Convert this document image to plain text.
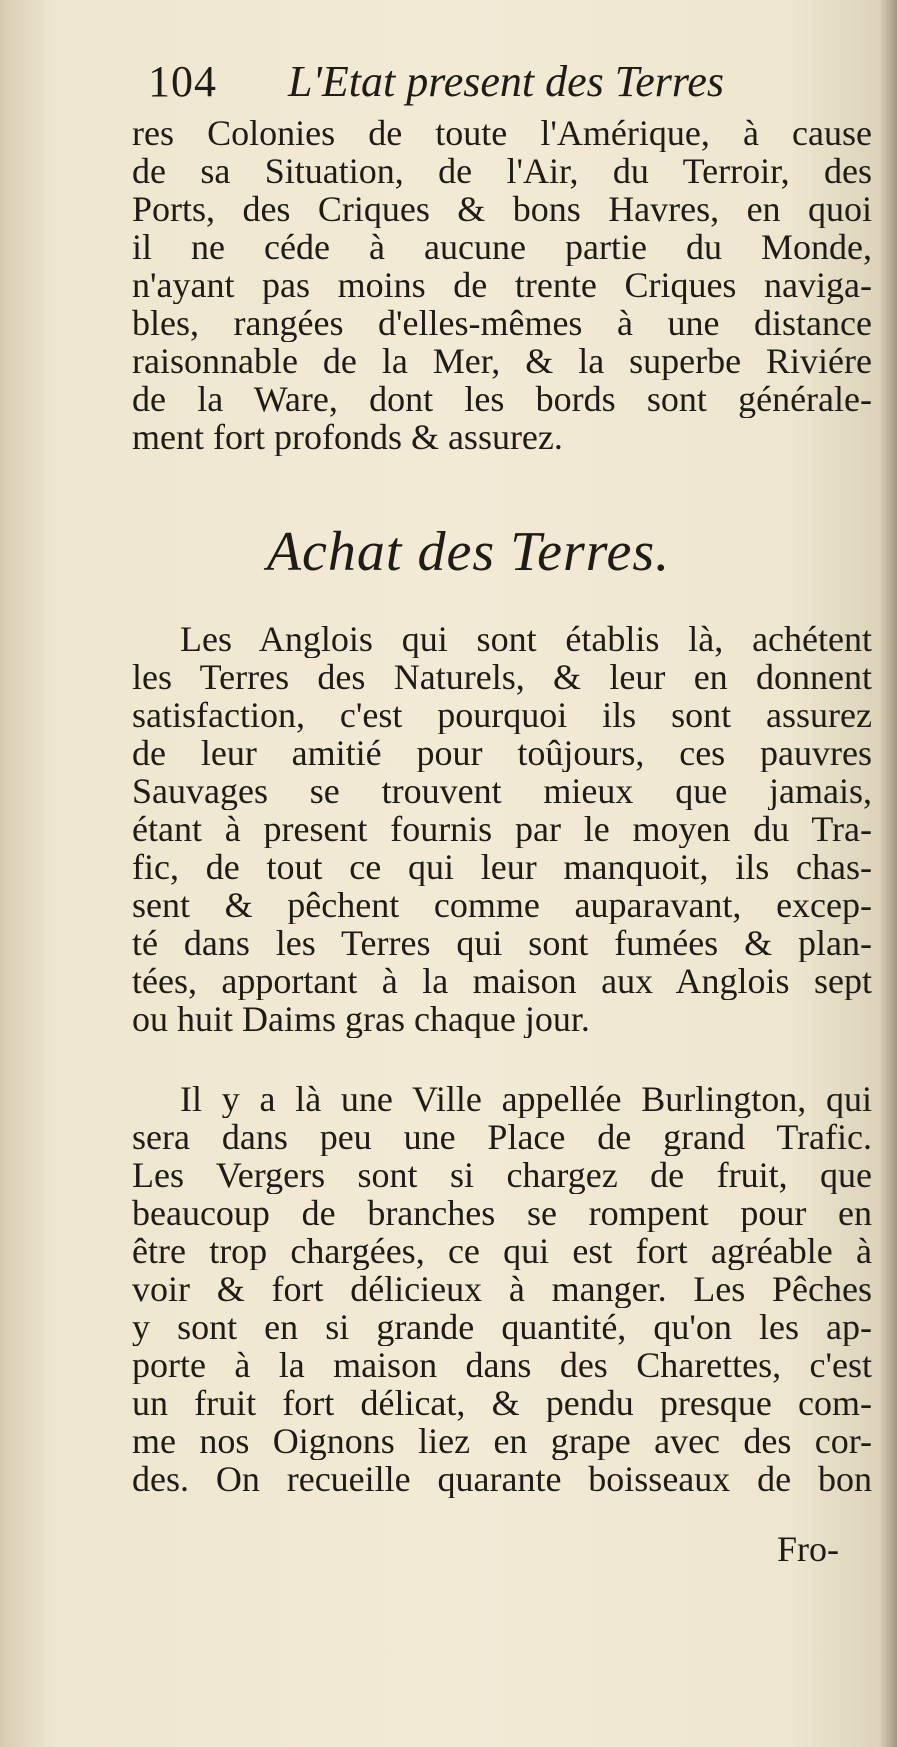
104 L'Etat present des Terres
res Colonies de toute l'Amérique, à cause
de sa Situation, de l'Air, du Terroir, des
Ports, des Criques & bons Havres, en quoi
il ne céde à aucune partie du Monde,
n'ayant pas moins de trente Criques naviga-
bles, rangées d'elles-mêmes à une distance
raisonnable de la Mer, & la superbe Riviére
de la Ware, dont les bords sont générale-
ment fort profonds & assurez.
Achat des Terres.
Les Anglois qui sont établis là, achétent
les Terres des Naturels, & leur en donnent
satisfaction, c'est pourquoi ils sont assurez
de leur amitié pour toûjours, ces pauvres
Sauvages se trouvent mieux que jamais,
étant à present fournis par le moyen du Tra-
fic, de tout ce qui leur manquoit, ils chas-
sent & pêchent comme auparavant, excep-
té dans les Terres qui sont fumées & plan-
tées, apportant à la maison aux Anglois sept
ou huit Daims gras chaque jour.
Il y a là une Ville appellée Burlington, qui
sera dans peu une Place de grand Trafic.
Les Vergers sont si chargez de fruit, que
beaucoup de branches se rompent pour en
être trop chargées, ce qui est fort agréable à
voir & fort délicieux à manger. Les Pêches
y sont en si grande quantité, qu'on les ap-
porte à la maison dans des Charettes, c'est
un fruit fort délicat, & pendu presque com-
me nos Oignons liez en grape avec des cor-
des. On recueille quarante boisseaux de bon
Fro-
